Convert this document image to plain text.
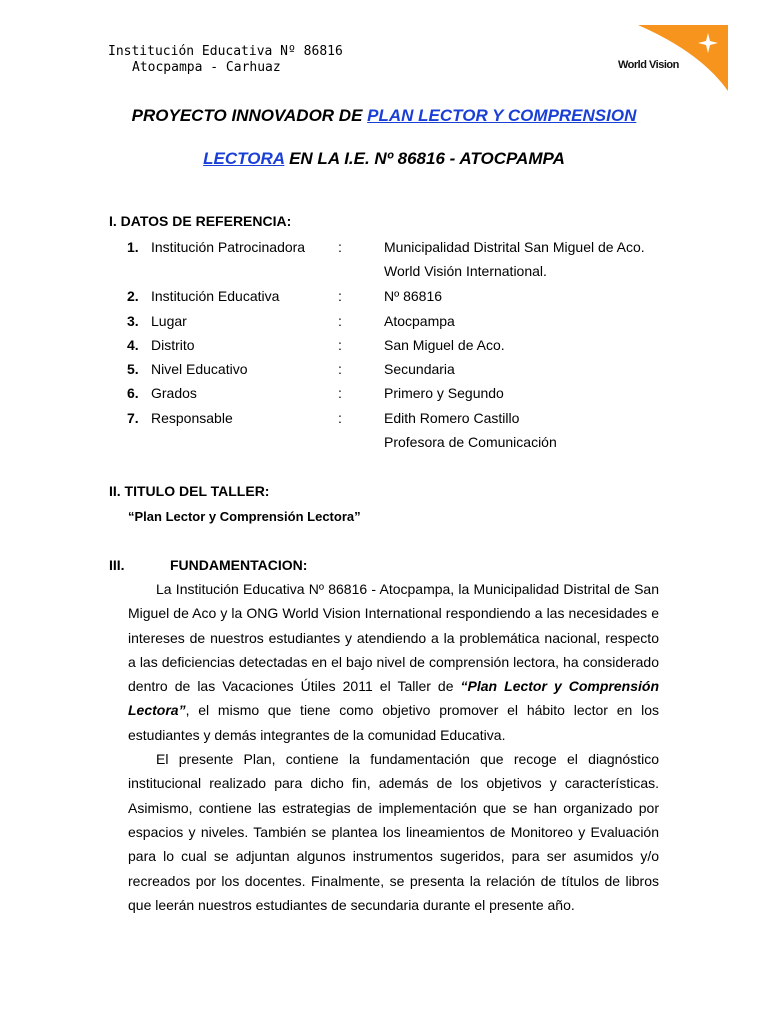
Institución Educativa Nº 86816
Atocpampa - Carhuaz	World Vision
PROYECTO INNOVADOR DE PLAN LECTOR Y COMPRENSION
LECTORA EN LA I.E. Nº 86816 - ATOCPAMPA
I. DATOS DE REFERENCIA:
1. Institución Patrocinadora :	Municipalidad Distrital San Miguel de Aco.
World Visión International.
2. Institución Educativa	:	Nº 86816
3. Lugar	:	Atocpampa
4. Distrito	:	San Miguel de Aco.
5. Nivel Educativo	:	Secundaria
6. Grados	:	Primero y Segundo
7. Responsable	:	Edith Romero Castillo
Profesora de Comunicación
II. TITULO DEL TALLER:
“Plan Lector y Comprensión Lectora”
III.	FUNDAMENTACION:

La Institución Educativa Nº 86816 - Atocpampa, la Municipalidad Distrital de San Miguel de Aco y la ONG World Vision International respondiendo a las necesidades e intereses de nuestros estudiantes y atendiendo a la problemática nacional, respecto a las deficiencias detectadas en el bajo nivel de comprensión lectora, ha considerado dentro de las Vacaciones Útiles 2011 el Taller de “Plan Lector y Comprensión Lectora”, el mismo que tiene como objetivo promover el hábito lector en los estudiantes y demás integrantes de la comunidad Educativa.

El presente Plan, contiene la fundamentación que recoge el diagnóstico institucional realizado para dicho fin, además de los objetivos y características. Asimismo, contiene las estrategias de implementación que se han organizado por espacios y niveles. También se plantea los lineamientos de Monitoreo y Evaluación para lo cual se adjuntan algunos instrumentos sugeridos, para ser asumidos y/o recreados por los docentes. Finalmente, se presenta la relación de títulos de libros que leerán nuestros estudiantes de secundaria durante el presente año.
